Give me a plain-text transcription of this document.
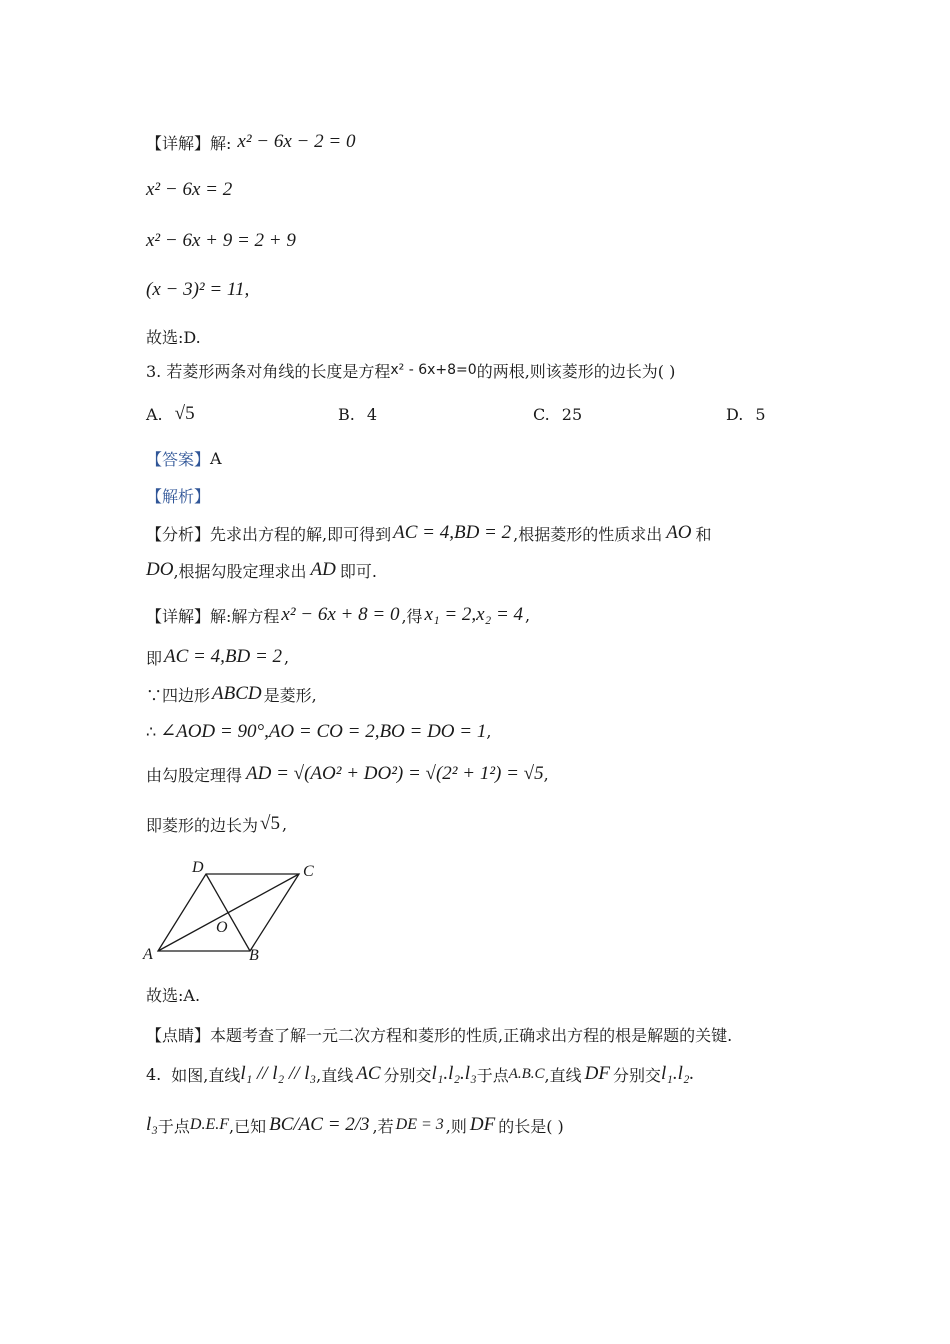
【详解】 解: x² − 6x − 2 = 0
x² − 6x = 2
x² − 6x + 9 = 2 + 9
(x − 3)² = 11,
故选:D.
3. 若菱形两条对角线的长度是方程 x² - 6x+8=0 的两根,则该菱形的边长为( )
A. √5	B. 4	C. 25	D. 5
【答案】 A
【解析】
【分析】 先求出方程的解,即可得到 AC = 4,BD = 2 ,根据菱形的性质求出 AO 和
DO ,根据勾股定理求出 AD 即可.
【详解】 解:解方程 x² − 6x + 8 = 0 ,得 x₁ = 2,x₂ = 4 ,
即 AC = 4,BD = 2 ,
∵四边形 ABCD 是菱形,
∴ ∠AOD = 90°,AO = CO = 2,BO = DO = 1 ,
由勾股定理得 AD = √(AO² + DO²) = √(2² + 1²) = √5 ,
即菱形的边长为 √5 ,
A	B
C
D
O
故选:A.
【点睛】 本题考查了解一元二次方程和菱形的性质,正确求出方程的根是解题的关键.
4. 如图,直线 l₁ // l₂ // l₃ ,直线 AC 分别交 l₁.l₂.l₃ 于点 A.B.C ,直线 DF 分别交 l₁.l₂.
l₃ 于点 D.E.F ,已知 BC/AC = 2/3 ,若 DE = 3 ,则 DF 的长是( )
